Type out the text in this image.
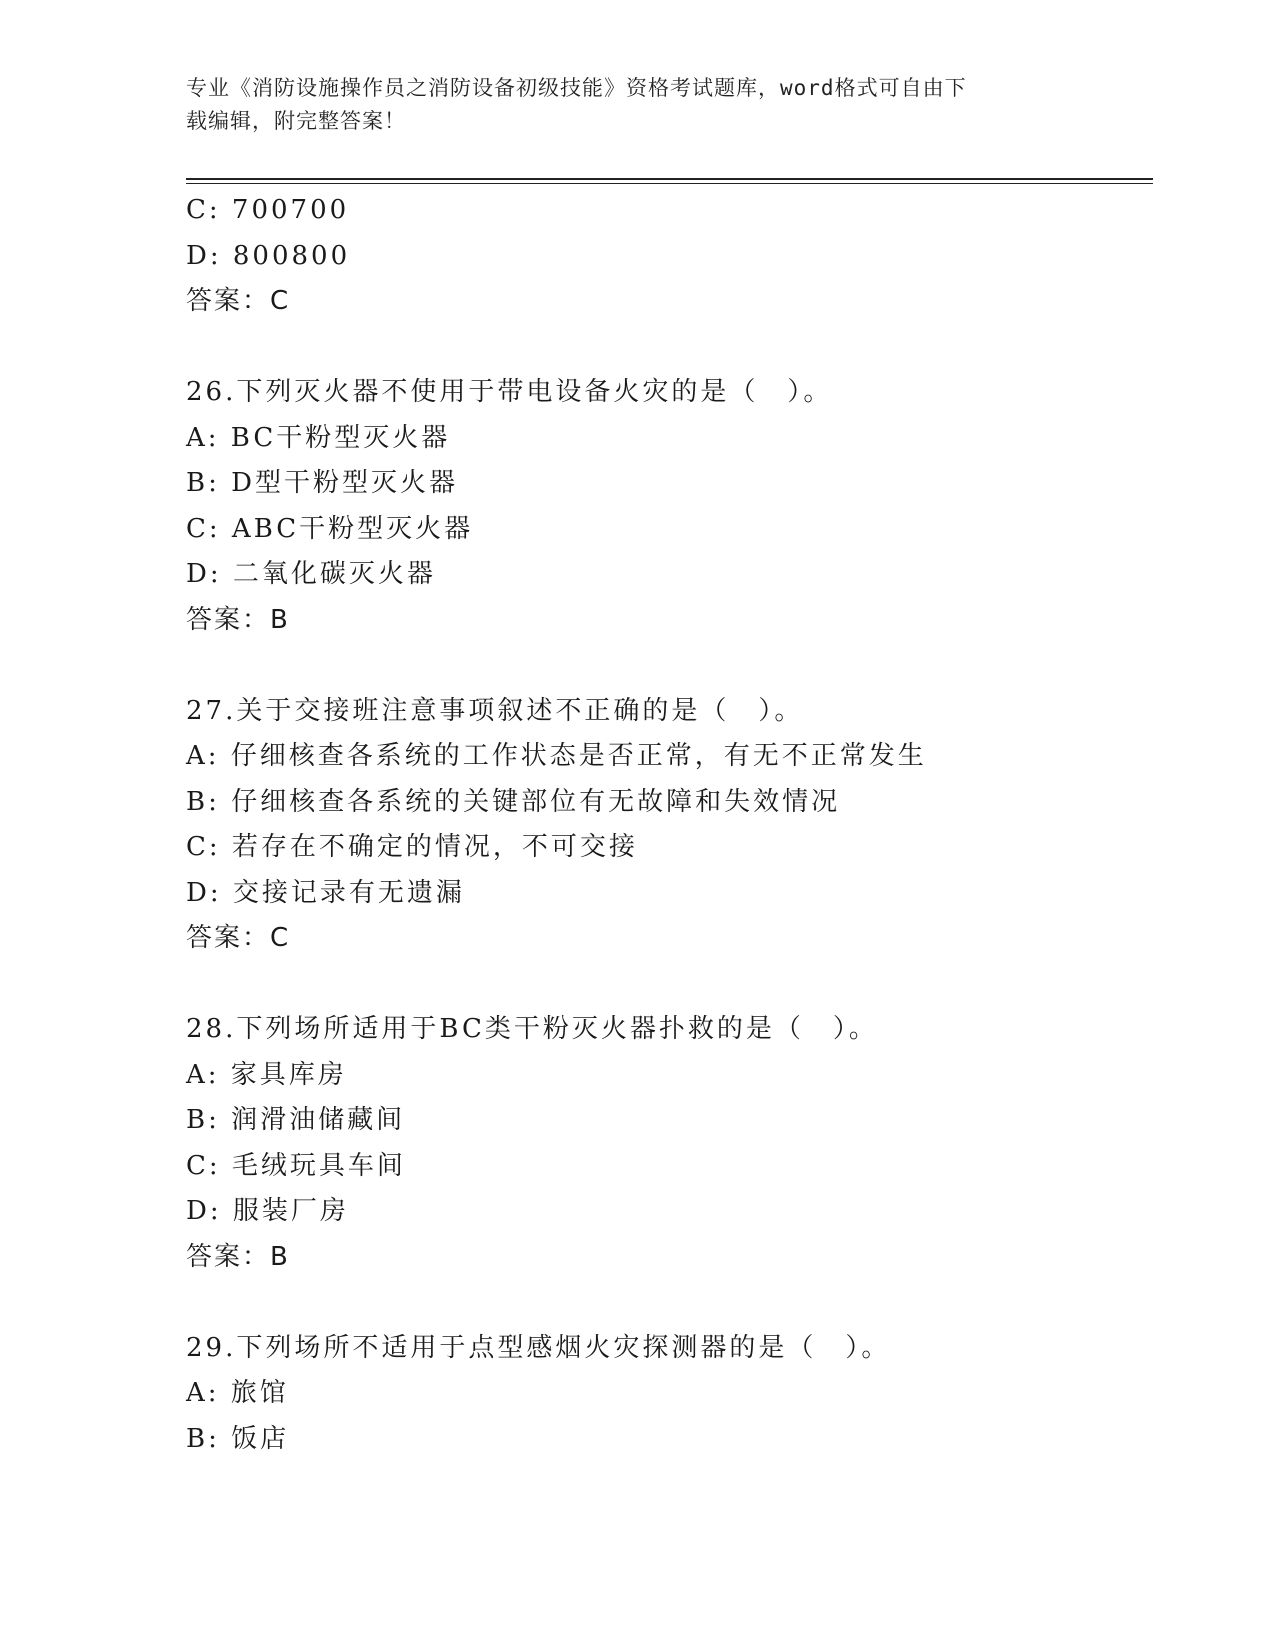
专业《消防设施操作员之消防设备初级技能》资格考试题库，word格式可自由下
载编辑，附完整答案！
C: 700700
D: 800800
答案：C
26.下列灭火器不使用于带电设备火灾的是（　）。
A: BC干粉型灭火器
B: D型干粉型灭火器
C: ABC干粉型灭火器
D: 二氧化碳灭火器
答案：B
27.关于交接班注意事项叙述不正确的是（　）。
A: 仔细核查各系统的工作状态是否正常，有无不正常发生
B: 仔细核查各系统的关键部位有无故障和失效情况
C: 若存在不确定的情况，不可交接
D: 交接记录有无遗漏
答案：C
28.下列场所适用于BC类干粉灭火器扑救的是（　）。
A: 家具库房
B: 润滑油储藏间
C: 毛绒玩具车间
D: 服装厂房
答案：B
29.下列场所不适用于点型感烟火灾探测器的是（　）。
A: 旅馆
B: 饭店
